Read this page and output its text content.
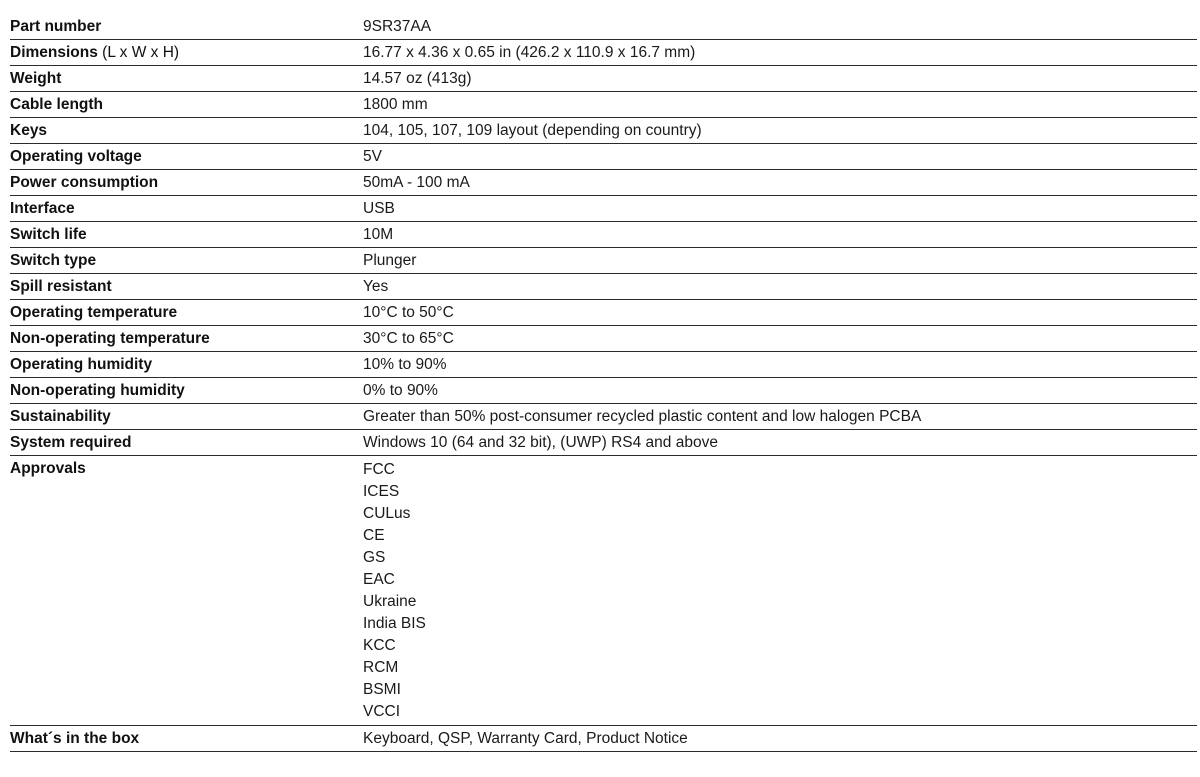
Part number	9SR37AA
Dimensions (L x W x H)	16.77 x 4.36 x 0.65 in (426.2 x 110.9 x 16.7 mm)
Weight	14.57 oz (413g)
Cable length	1800 mm
Keys	104, 105, 107, 109 layout (depending on country)
Operating voltage	5V
Power consumption	50mA - 100 mA
Interface	USB
Switch life	10M
Switch type	Plunger
Spill resistant	Yes
Operating temperature	10°C to 50°C
Non-operating temperature	30°C to 65°C
Operating humidity	10% to 90%
Non-operating humidity	0% to 90%
Sustainability	Greater than 50% post-consumer recycled plastic content and low halogen PCBA
System required	Windows 10 (64 and 32 bit), (UWP) RS4 and above
Approvals	FCC
ICES
CULus
CE
GS
EAC
Ukraine
India BIS
KCC
RCM
BSMI
VCCI
What´s in the box	Keyboard, QSP, Warranty Card, Product Notice
